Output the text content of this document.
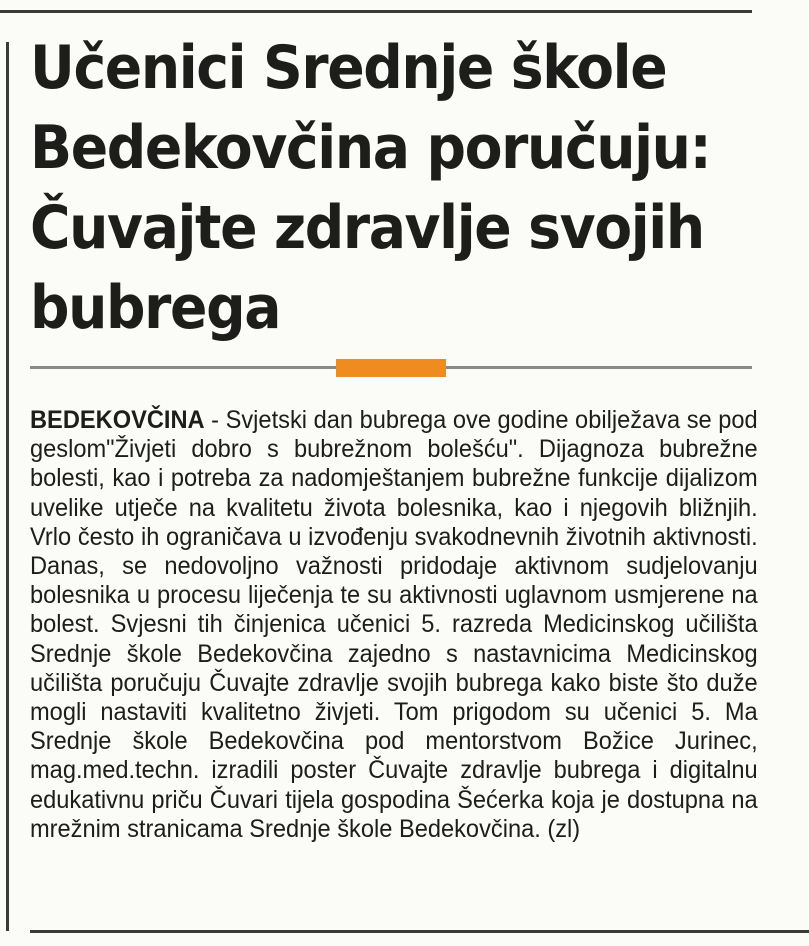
Učenici Srednje škole Bedekovčina poručuju: Čuvajte zdravlje svojih bubrega

BEDEKOVČINA - Svjetski dan bubrega ove godine obilježava se pod geslom"Živjeti dobro s bubrežnom bolešću". Dijagnoza bubrežne bolesti, kao i potreba za nadomještanjem bubrežne funkcije dijalizom uvelike utječe na kvalitetu života bolesnika, kao i njegovih bližnjih. Vrlo često ih ograničava u izvođenju svakodnevnih životnih aktivnosti. Danas, se nedovoljno važnosti pridodaje aktivnom sudjelovanju bolesnika u procesu liječenja te su aktivnosti uglavnom usmjerene na bolest. Svjesni tih činjenica učenici 5. razreda Medicinskog učilišta Srednje škole Bedekovčina zajedno s nastavnicima Medicinskog učilišta poručuju Čuvajte zdravlje svojih bubrega kako biste što duže mogli nastaviti kvalitetno živjeti. Tom prigodom su učenici 5. Ma Srednje škole Bedekovčina pod mentorstvom Božice Jurinec, mag.med.techn. izradili poster Čuvajte zdravlje bubrega i digitalnu edukativnu priču Čuvari tijela gospodina Šećerka koja je dostupna na mrežnim stranicama Srednje škole Bedekovčina. (zl)
